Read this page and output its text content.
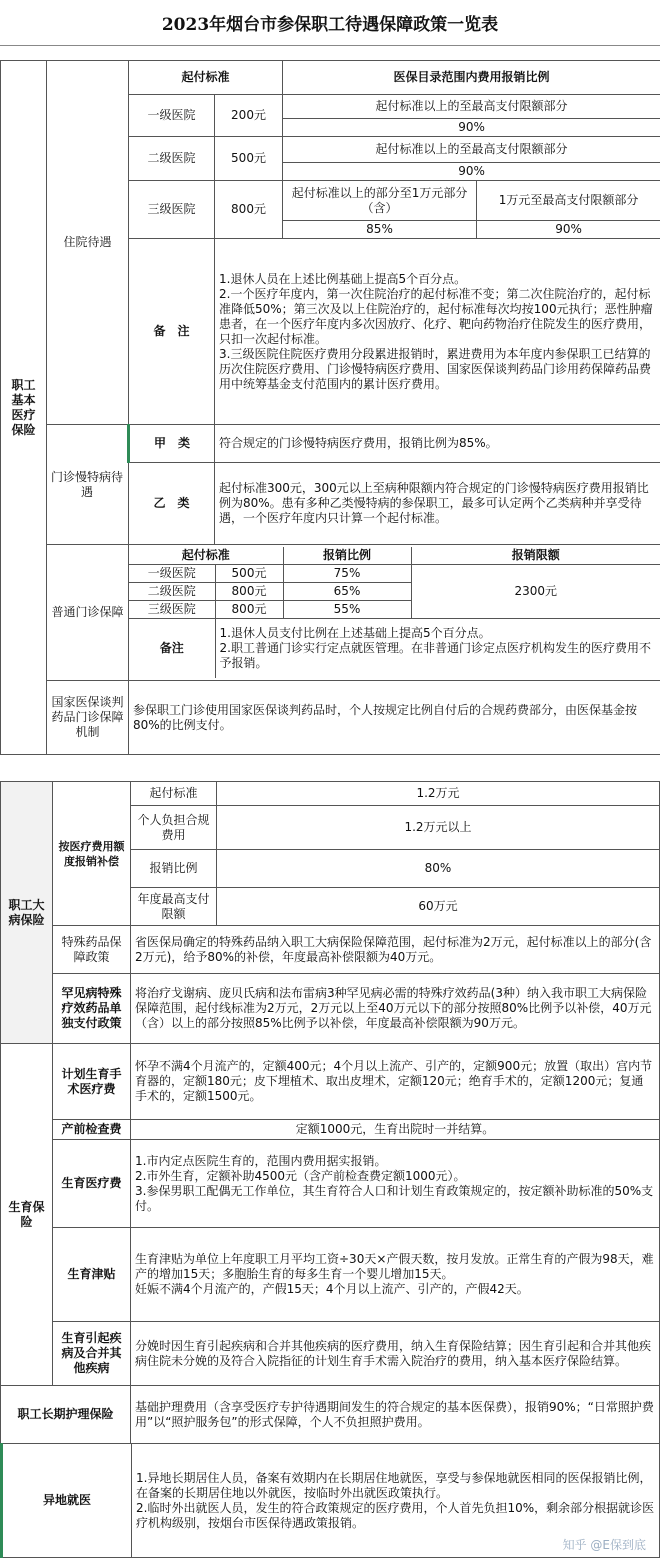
2023年烟台市参保职工待遇保障政策一览表
职工基本医疗保险	住院待遇	起付标准	医保目录范围内费用报销比例
一级医院	200元	起付标准以上的至最高支付限额部分
90%
二级医院	500元	起付标准以上的至最高支付限额部分
90%
三级医院	800元	起付标准以上的部分至1万元部分（含）	1万元至最高支付限额部分
85%	90%
备　注	
1.退休人员在上述比例基础上提高5个百分点。
2.一个医疗年度内，第一次住院治疗的起付标准不变；第二次住院治疗的，起付标准降低50%；第三次及以上住院治疗的，起付标准每次均按100元执行；恶性肿瘤患者，在一个医疗年度内多次因放疗、化疗、靶向药物治疗住院发生的医疗费用，只扣一次起付标准。
3.三级医院住院医疗费用分段累进报销时，累进费用为本年度内参保职工已结算的历次住院医疗费用、门诊慢特病医疗费用、国家医保谈判药品门诊用药保障药品费用中统筹基金支付范围内的累计医疗费用。

门诊慢特病待遇	甲　类	符合规定的门诊慢特病医疗费用，报销比例为85%。
乙　类	起付标准300元，300元以上至病种限额内符合规定的门诊慢特病医疗费用报销比例为80%。患有多种乙类慢特病的参保职工，最多可认定两个乙类病种并享受待遇，一个医疗年度内只计算一个起付标准。
普通门诊保障	
起付标准	报销比例	报销限额
一级医院	500元	75%	2300元
二级医院	800元	65%
三级医院	800元	55%
备注	
1.退休人员支付比例在上述基础上提高5个百分点。
2.职工普通门诊实行定点就医管理。在非普通门诊定点医疗机构发生的医疗费用不予报销。

国家医保谈判药品门诊保障机制	参保职工门诊使用国家医保谈判药品时，个人按规定比例自付后的合规药费部分，由医保基金按80%的比例支付。
职工大病保险	按医疗费用额度报销补偿	起付标准	1.2万元
		个人负担合规费用	1.2万元以上
		报销比例	80%
		年度最高支付限额	60万元
	特殊药品保障政策	省医保局确定的特殊药品纳入职工大病保险保障范围，起付标准为2万元，起付标准以上的部分(含2万元)，给予80%的补偿，年度最高补偿限额为40万元。	
	罕见病特殊疗效药品单独支付政策	将治疗戈谢病、庞贝氏病和法布雷病3种罕见病必需的特殊疗效药品(3种）纳入我市职工大病保险保障范围，起付线标准为2万元，2万元以上至40万元以下的部分按照80%比例予以补偿，40万元（含）以上的部分按照85%比例予以补偿，年度最高补偿限额为90万元。	
生育保险	计划生育手术医疗费	怀孕不满4个月流产的，定额400元；4个月以上流产、引产的，定额900元；放置（取出）宫内节育器的，定额180元；皮下埋植术、取出皮埋术，定额120元；绝育手术的，定额1200元；复通手术的，定额1500元。
	产前检查费	定额1000元，生育出院时一并结算。
	生育医疗费	1.市内定点医院生育的，范围内费用据实报销。
2.市外生育，定额补助4500元（含产前检查费定额1000元）。
3.参保男职工配偶无工作单位，其生育符合人口和计划生育政策规定的，按定额补助标准的50%支付。
	生育津贴	生育津贴为单位上年度职工月平均工资÷30天×产假天数，按月发放。正常生育的产假为98天，难产的增加15天；多胞胎生育的每多生育一个婴儿增加15天。
妊娠不满4个月流产的，产假15天；4个月以上流产、引产的，产假42天。
	生育引起疾病及合并其他疾病	分娩时因生育引起疾病和合并其他疾病的医疗费用，纳入生育保险结算；因生育引起和合并其他疾病住院未分娩的及符合入院指征的计划生育手术需入院治疗的费用，纳入基本医疗保险结算。
职工长期护理保险	基础护理费用（含享受医疗专护待遇期间发生的符合规定的基本医保费），报销90%；“日常照护费用”以“照护服务包”的形式保障，个人不负担照护费用。
异地就医	1.异地长期居住人员，备案有效期内在长期居住地就医，享受与参保地就医相同的医保报销比例，在备案的长期居住地以外就医，按临时外出就医政策执行。
2.临时外出就医人员，发生的符合政策规定的医疗费用，个人首先负担10%，剩余部分根据就诊医疗机构级别，按烟台市医保待遇政策报销。
知乎 @E保到底
